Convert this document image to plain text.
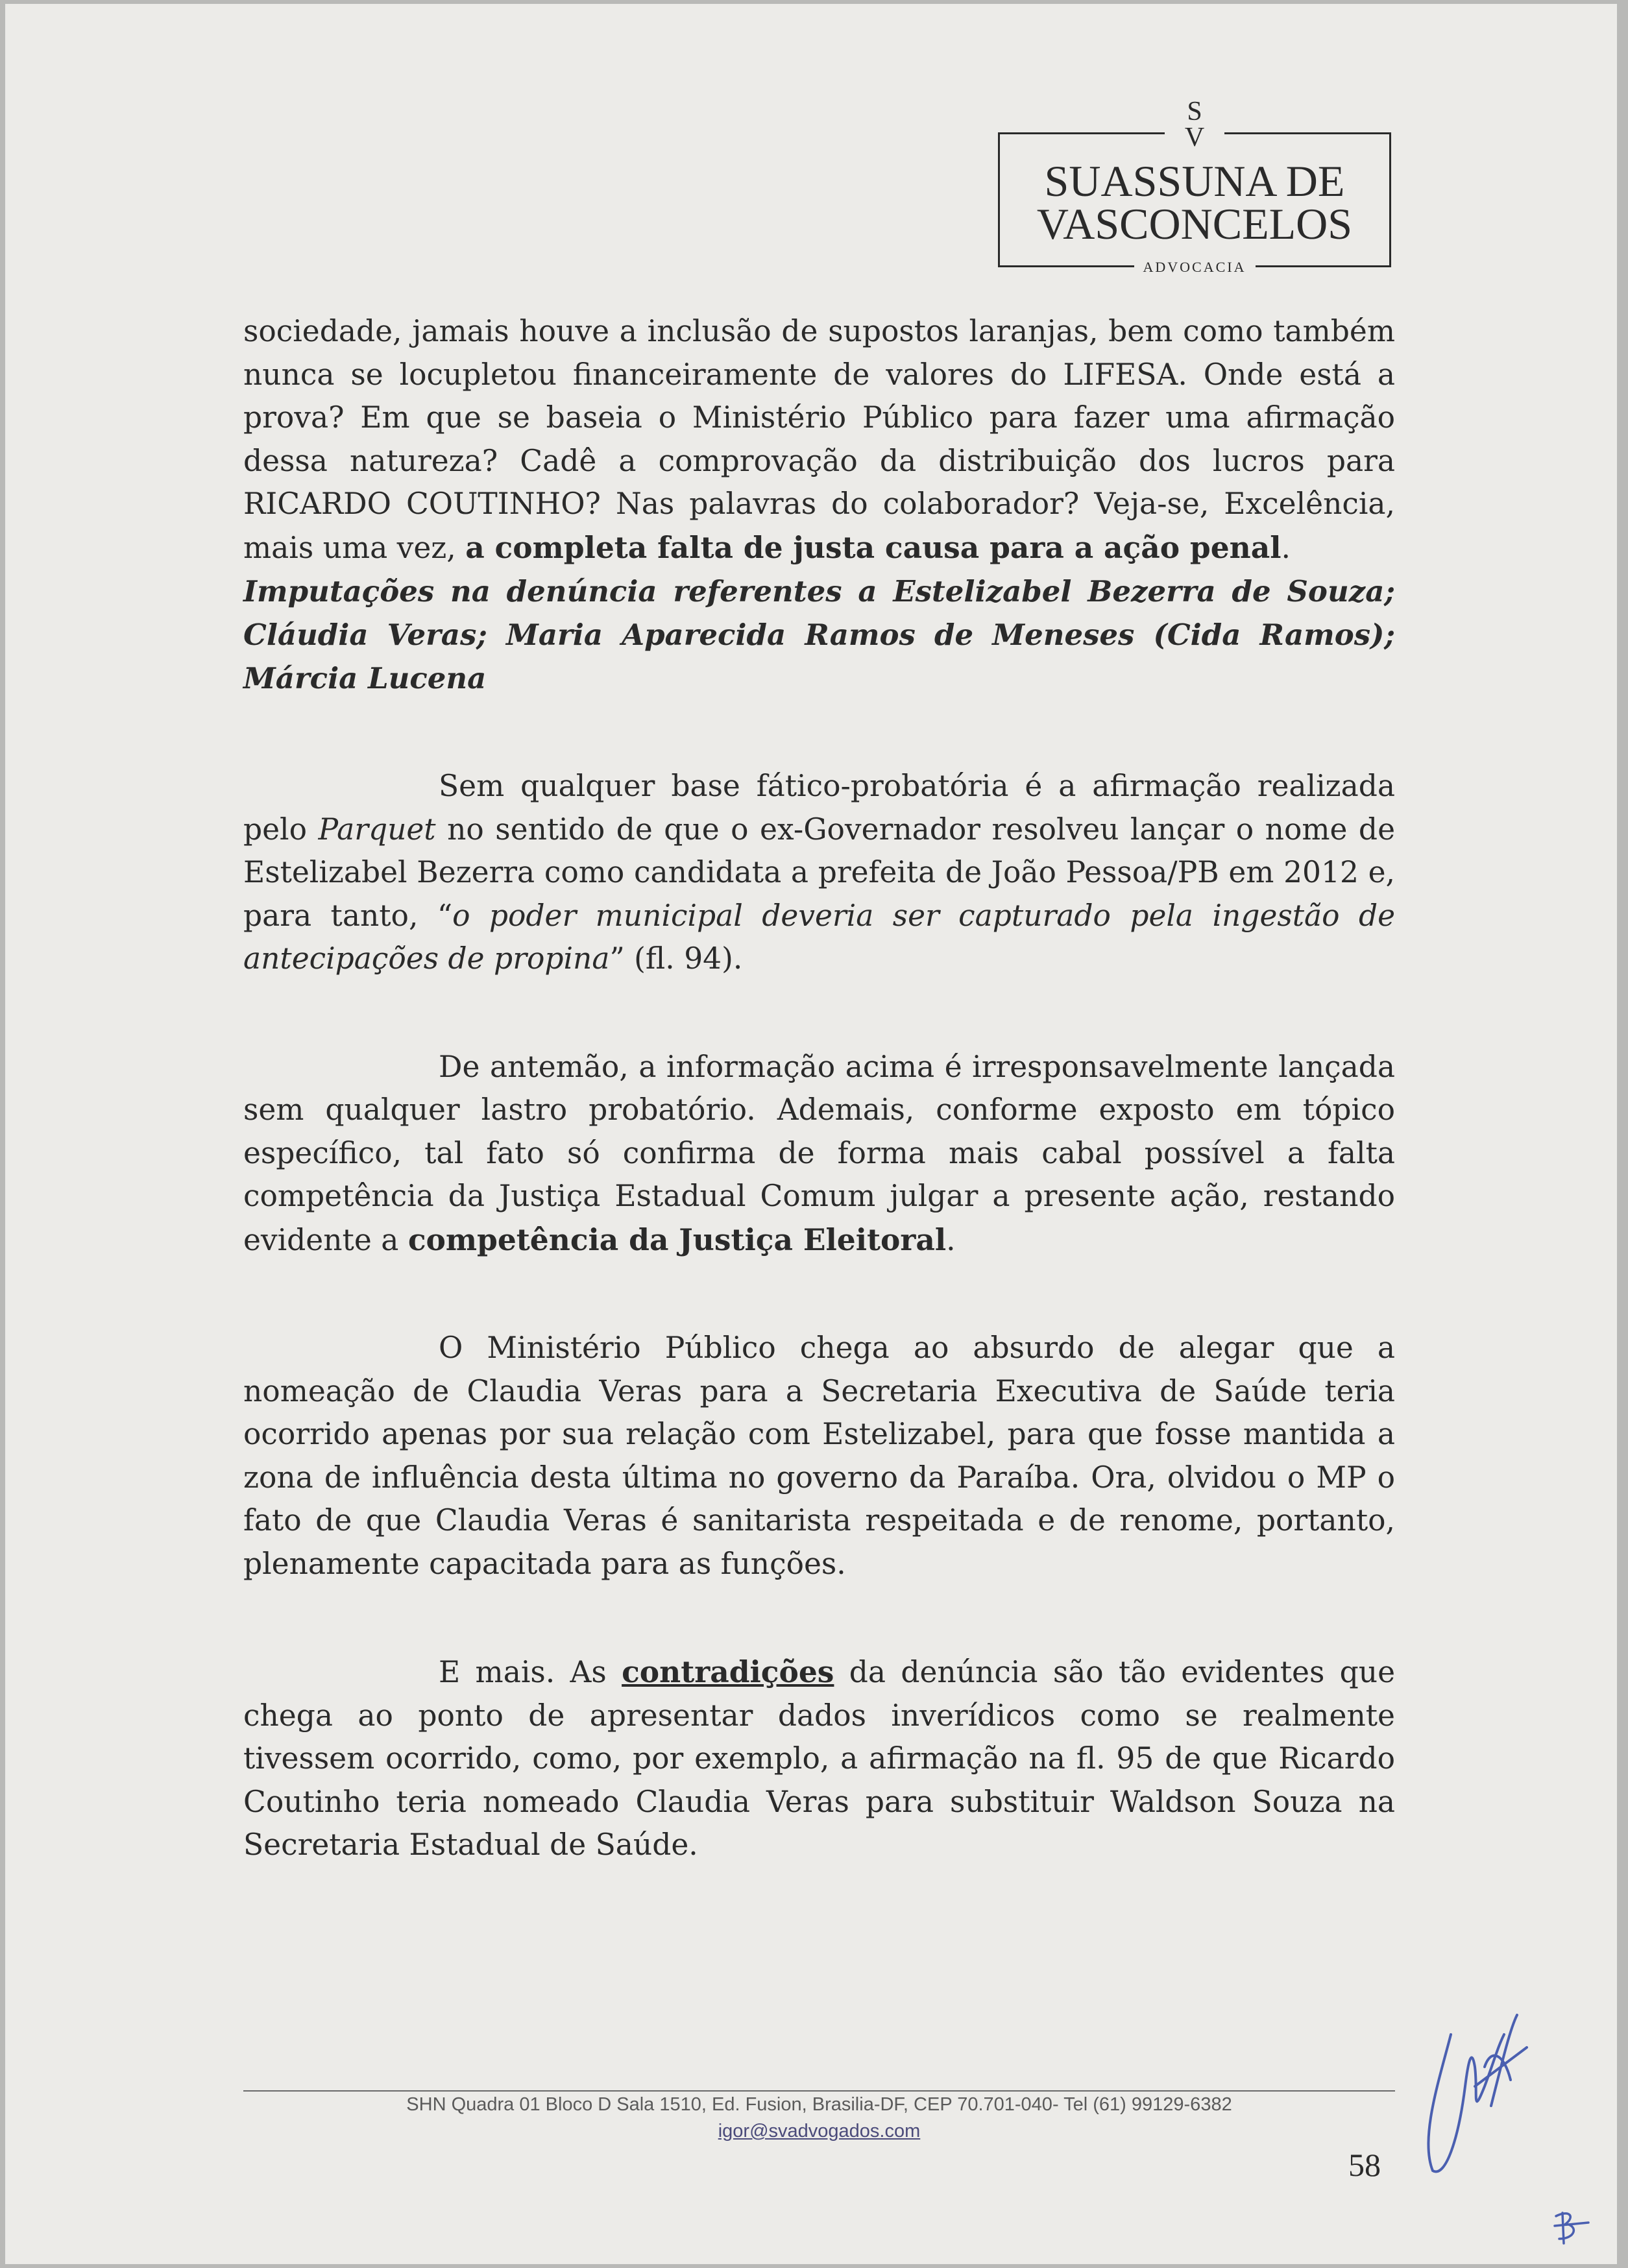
S
V
SUASSUNA DE
VASCONCELOS
ADVOCACIA

sociedade, jamais houve a inclusão de supostos laranjas, bem como também nunca se locupletou financeiramente de valores do LIFESA. Onde está a prova? Em que se baseia o Ministério Público para fazer uma afirmação dessa natureza? Cadê a comprovação da distribuição dos lucros para RICARDO COUTINHO? Nas palavras do colaborador? Veja-se, Excelência, mais uma vez, a completa falta de justa causa para a ação penal.

Imputações na denúncia referentes a Estelizabel Bezerra de Souza; Cláudia Veras; Maria Aparecida Ramos de Meneses (Cida Ramos); Márcia Lucena

Sem qualquer base fático-probatória é a afirmação realizada pelo Parquet no sentido de que o ex-Governador resolveu lançar o nome de Estelizabel Bezerra como candidata a prefeita de João Pessoa/PB em 2012 e, para tanto, “o poder municipal deveria ser capturado pela ingestão de antecipações de propina” (fl. 94).

De antemão, a informação acima é irresponsavelmente lançada sem qualquer lastro probatório. Ademais, conforme exposto em tópico específico, tal fato só confirma de forma mais cabal possível a falta competência da Justiça Estadual Comum julgar a presente ação, restando evidente a competência da Justiça Eleitoral.

O Ministério Público chega ao absurdo de alegar que a nomeação de Claudia Veras para a Secretaria Executiva de Saúde teria ocorrido apenas por sua relação com Estelizabel, para que fosse mantida a zona de influência desta última no governo da Paraíba. Ora, olvidou o MP o fato de que Claudia Veras é sanitarista respeitada e de renome, portanto, plenamente capacitada para as funções.

E mais. As contradições da denúncia são tão evidentes que chega ao ponto de apresentar dados inverídicos como se realmente tivessem ocorrido, como, por exemplo, a afirmação na fl. 95 de que Ricardo Coutinho teria nomeado Claudia Veras para substituir Waldson Souza na Secretaria Estadual de Saúde.

SHN Quadra 01 Bloco D Sala 1510, Ed. Fusion, Brasilia-DF, CEP 70.701-040- Tel (61) 99129-6382
igor@svadvogados.com
58
